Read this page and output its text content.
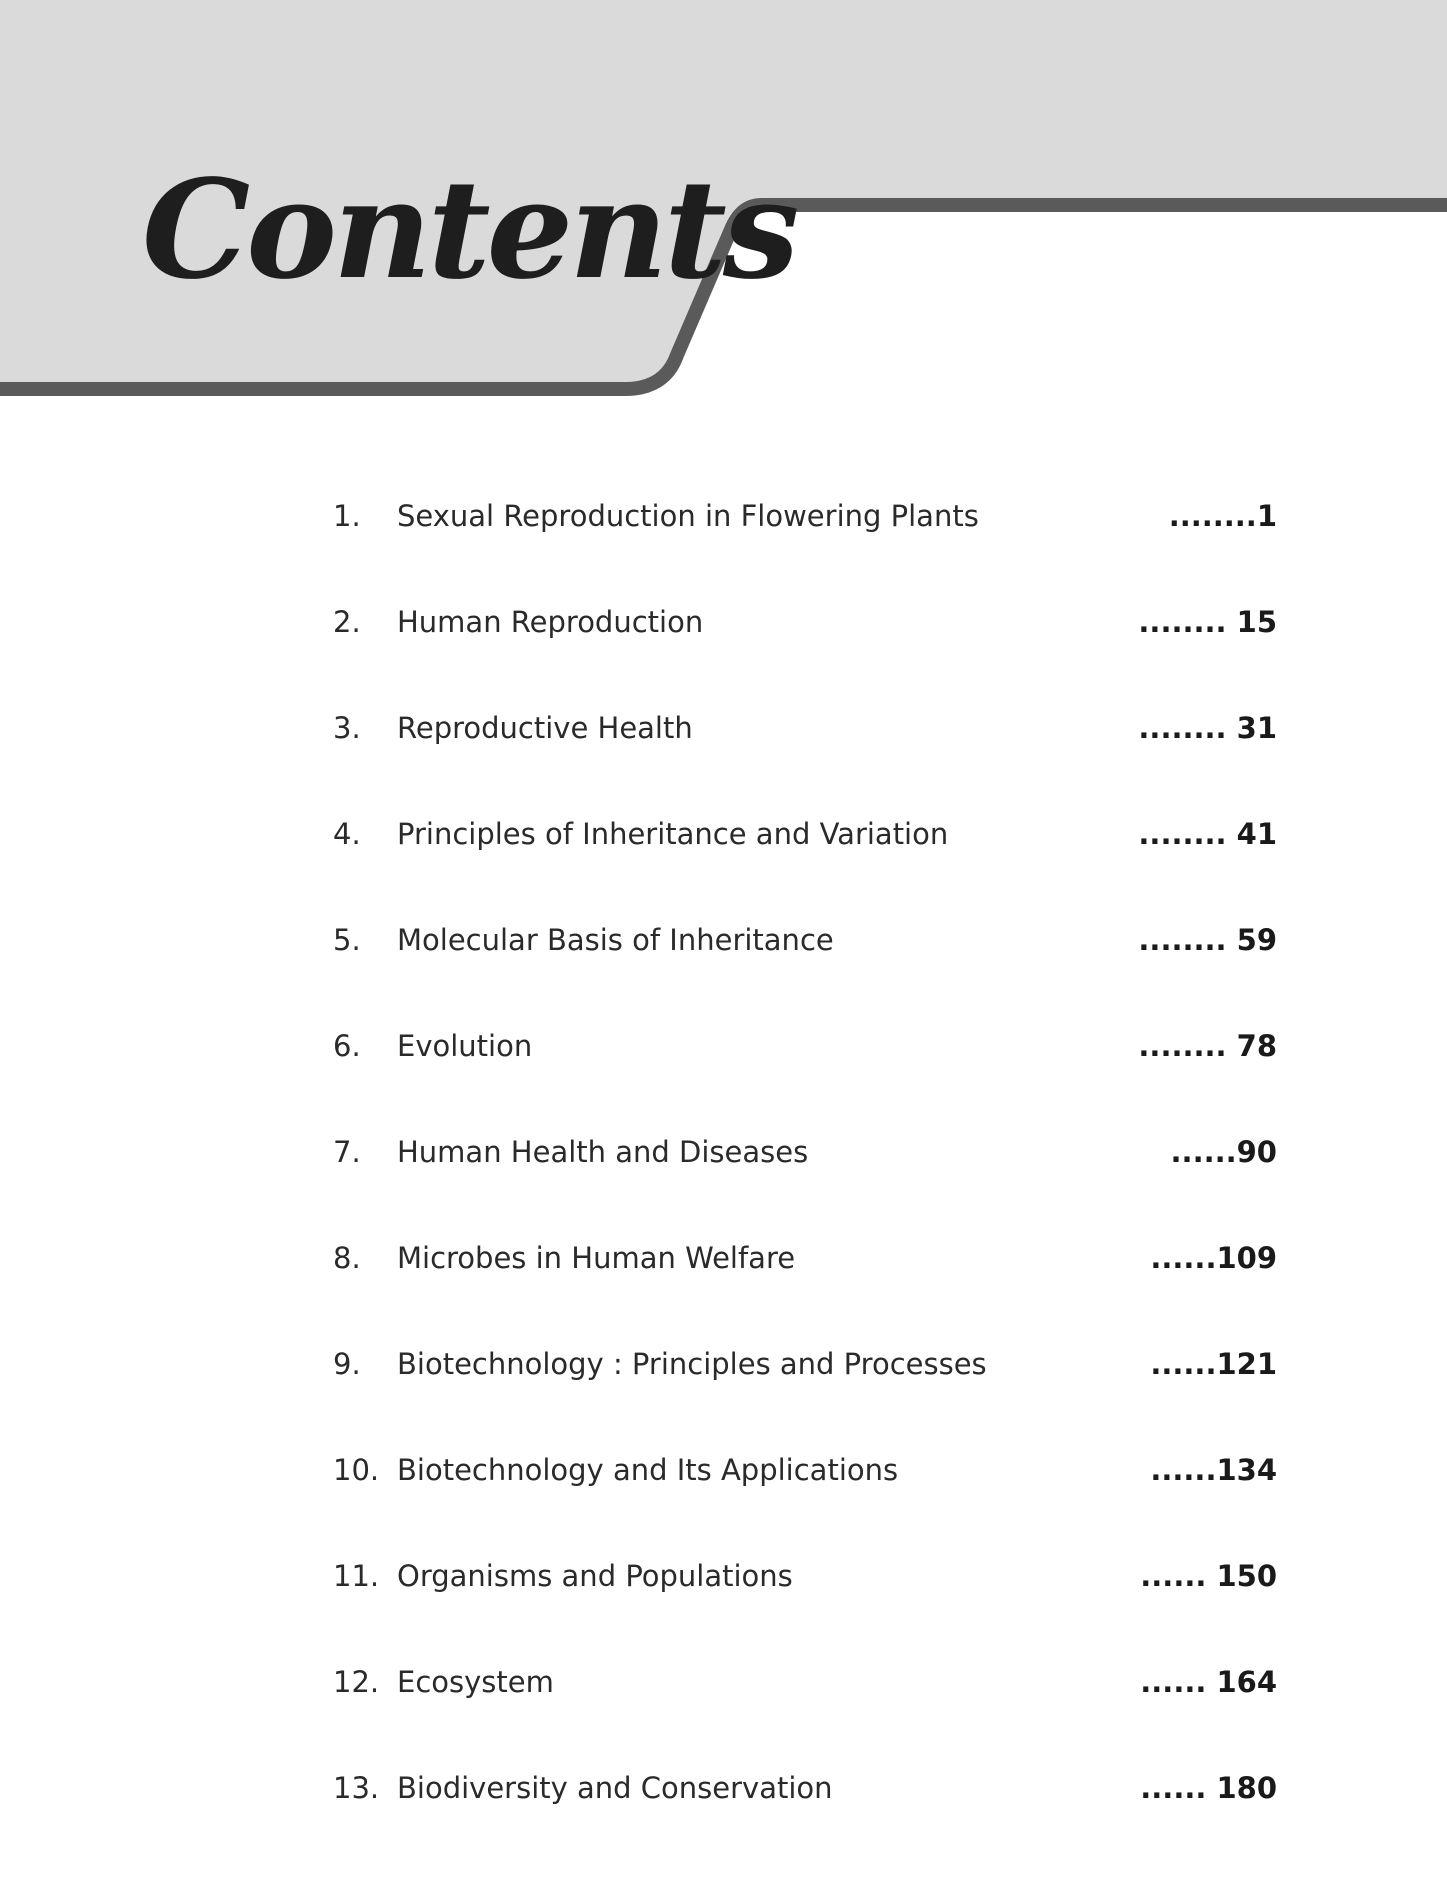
Contents
1. Sexual Reproduction in Flowering Plants	........1
2. Human Reproduction	........ 15
3. Reproductive Health	........ 31
4. Principles of Inheritance and Variation	........ 41
5. Molecular Basis of Inheritance	........ 59
6. Evolution	........ 78
7. Human Health and Diseases	......90
8. Microbes in Human Welfare	......109
9. Biotechnology : Principles and Processes	......121
10. Biotechnology and Its Applications	......134
11. Organisms and Populations	...... 150
12. Ecosystem	...... 164
13. Biodiversity and Conservation	...... 180
